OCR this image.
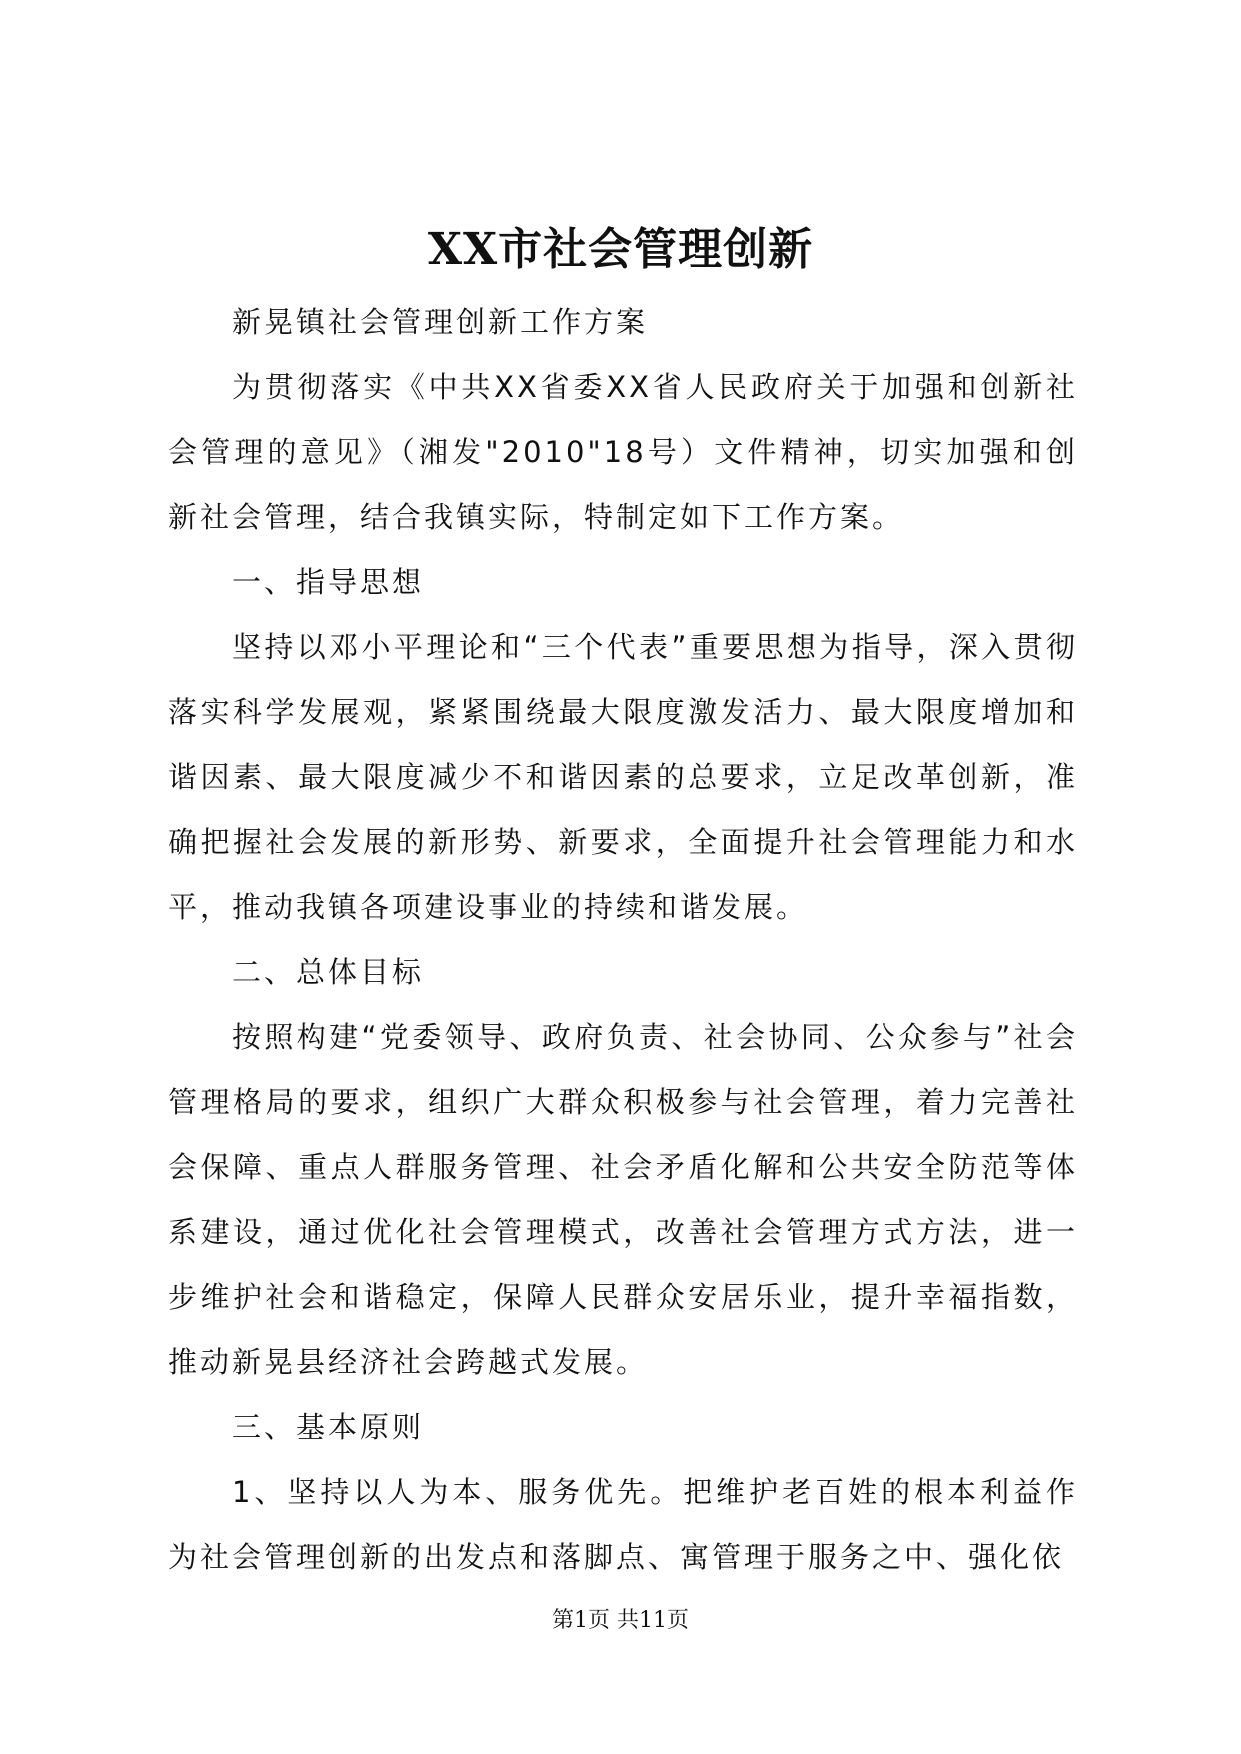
XX市社会管理创新

新晃镇社会管理创新工作方案

为贯彻落实《中共XX省委XX省人民政府关于加强和创新社会管理的意见》（湘发"2010"18号）文件精神，切实加强和创新社会管理，结合我镇实际，特制定如下工作方案。

一、指导思想

坚持以邓小平理论和“三个代表”重要思想为指导，深入贯彻落实科学发展观，紧紧围绕最大限度激发活力、最大限度增加和谐因素、最大限度减少不和谐因素的总要求，立足改革创新，准确把握社会发展的新形势、新要求，全面提升社会管理能力和水平，推动我镇各项建设事业的持续和谐发展。

二、总体目标

按照构建“党委领导、政府负责、社会协同、公众参与”社会管理格局的要求，组织广大群众积极参与社会管理，着力完善社会保障、重点人群服务管理、社会矛盾化解和公共安全防范等体系建设，通过优化社会管理模式，改善社会管理方式方法，进一步维护社会和谐稳定，保障人民群众安居乐业，提升幸福指数，推动新晃县经济社会跨越式发展。

三、基本原则

1、坚持以人为本、服务优先。把维护老百姓的根本利益作为社会管理创新的出发点和落脚点、寓管理于服务之中、强化依

第1页 共11页
